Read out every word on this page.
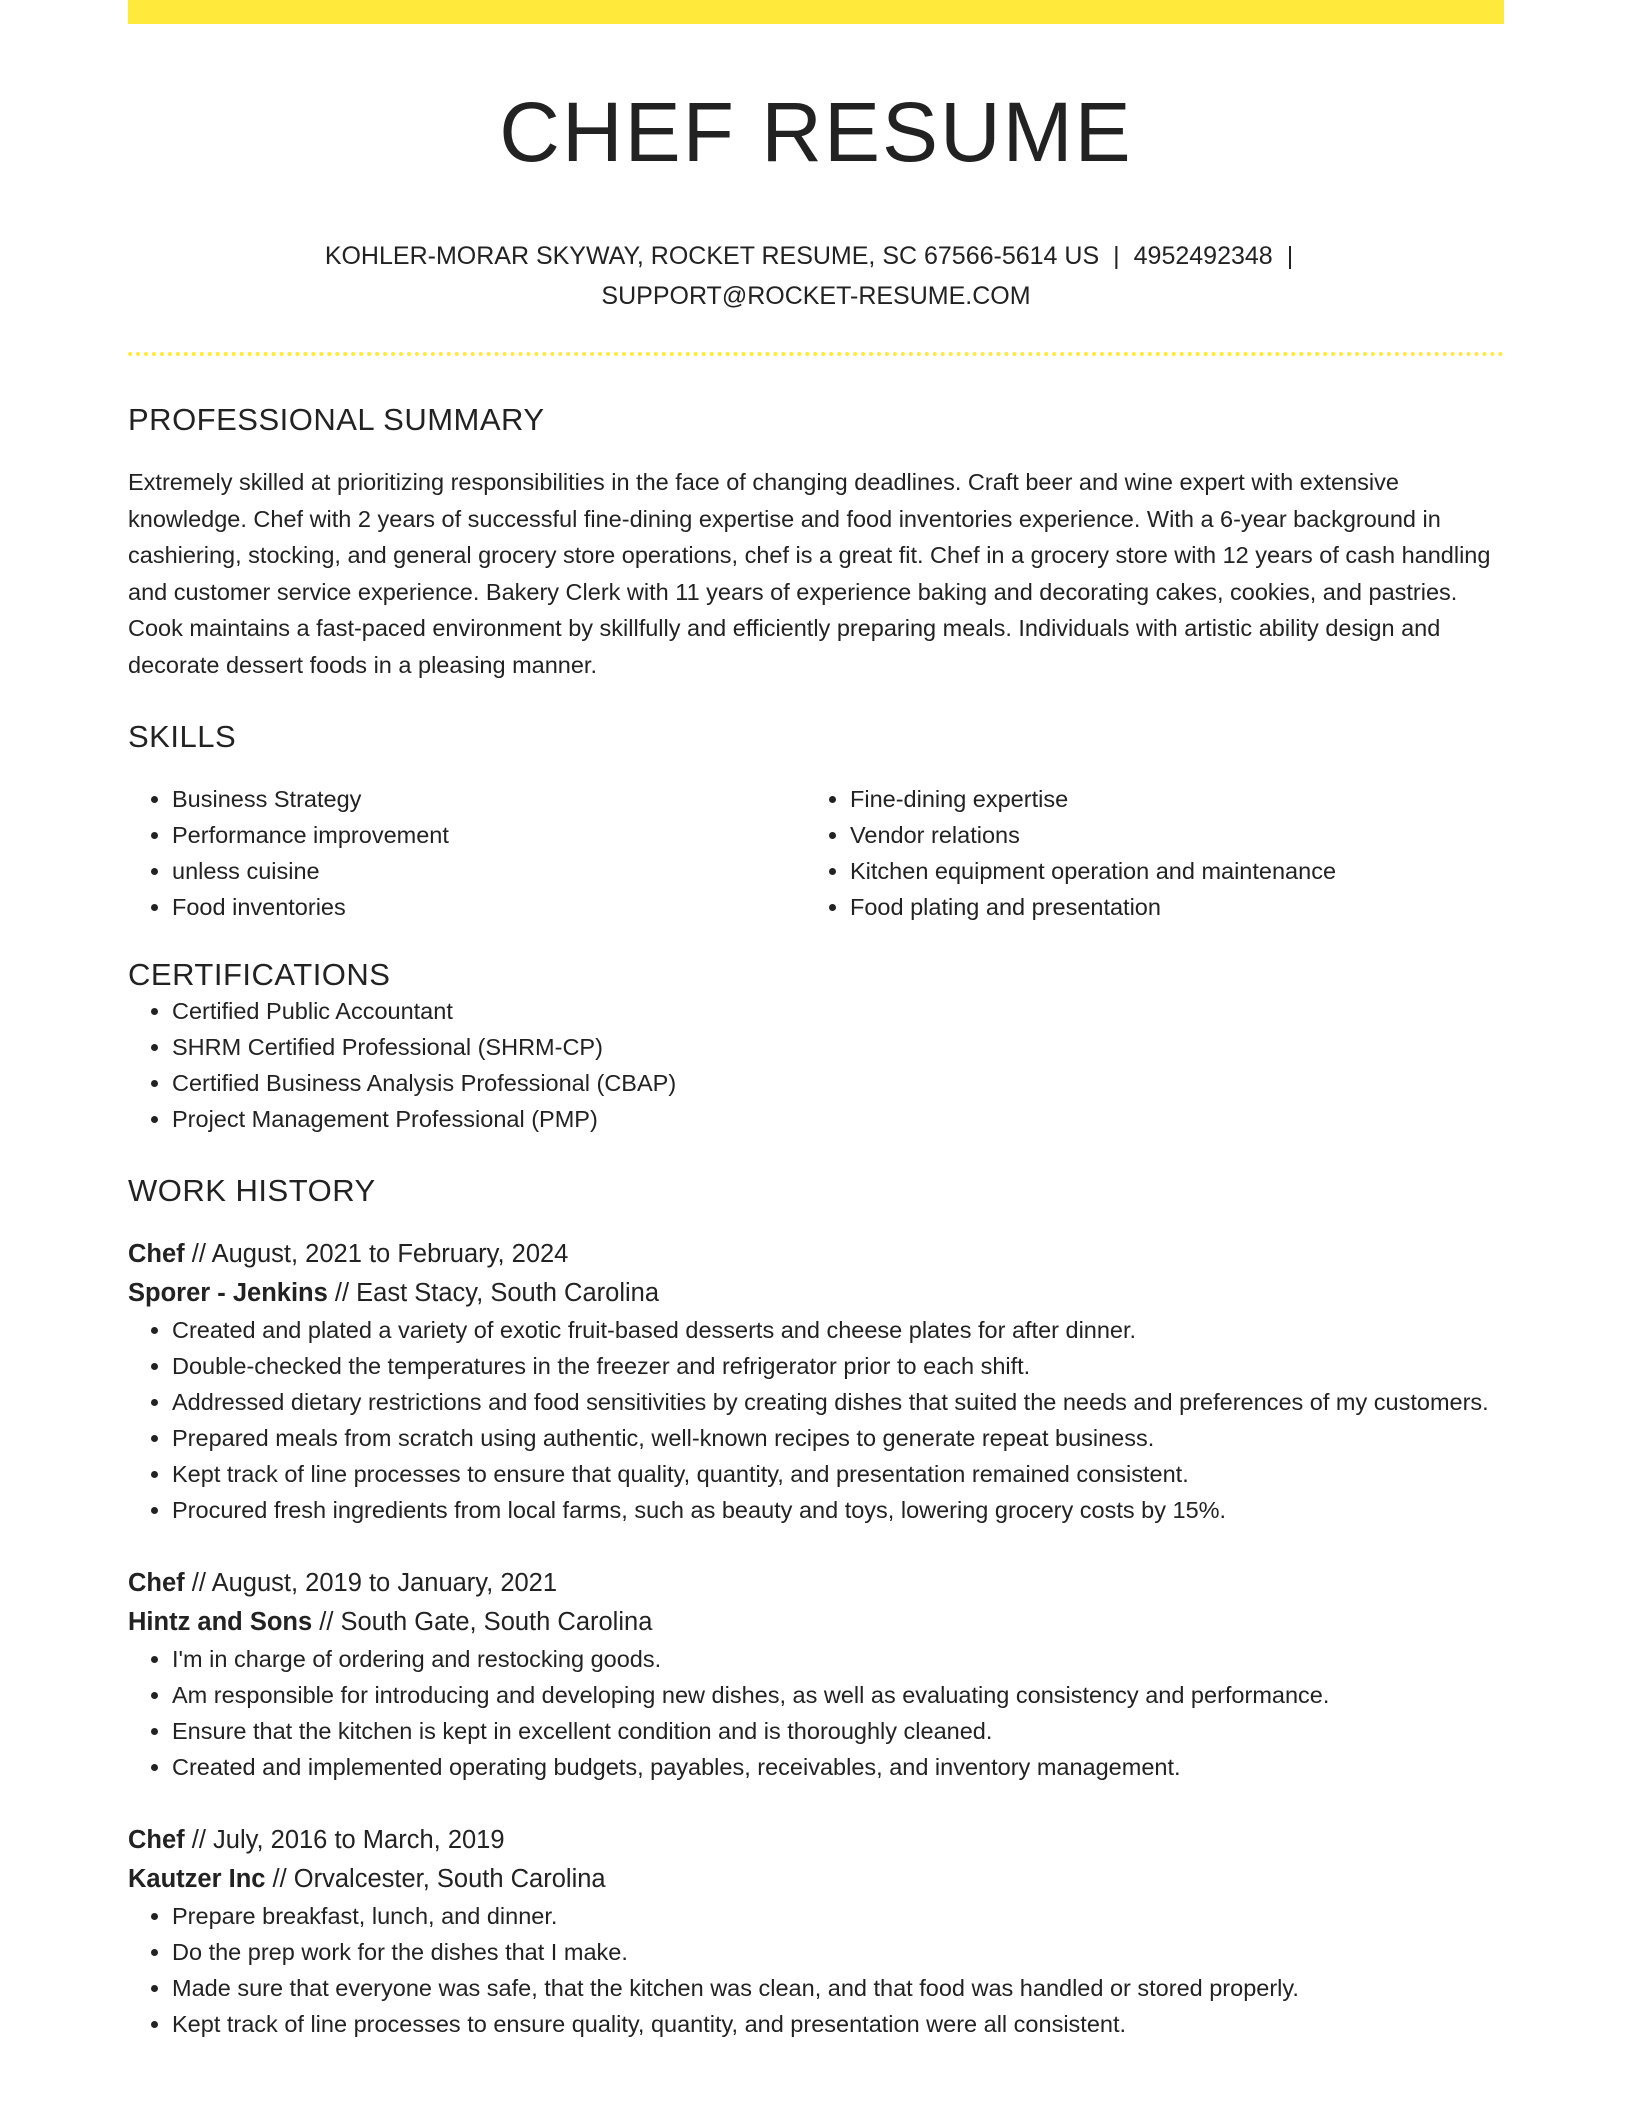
CHEF RESUME
KOHLER-MORAR SKYWAY, ROCKET RESUME, SC 67566-5614 US | 4952492348 |
SUPPORT@ROCKET-RESUME.COM
PROFESSIONAL SUMMARY

Extremely skilled at prioritizing responsibilities in the face of changing deadlines. Craft beer and wine expert with extensive knowledge. Chef with 2 years of successful fine-dining expertise and food inventories experience. With a 6-year background in cashiering, stocking, and general grocery store operations, chef is a great fit. Chef in a grocery store with 12 years of cash handling and customer service experience. Bakery Clerk with 11 years of experience baking and decorating cakes, cookies, and pastries. Cook maintains a fast-paced environment by skillfully and efficiently preparing meals. Individuals with artistic ability design and decorate dessert foods in a pleasing manner.

SKILLS
• Business Strategy
• Performance improvement
• unless cuisine
• Food inventories
• Fine-dining expertise
• Vendor relations
• Kitchen equipment operation and maintenance
• Food plating and presentation
CERTIFICATIONS
• Certified Public Accountant
• SHRM Certified Professional (SHRM-CP)
• Certified Business Analysis Professional (CBAP)
• Project Management Professional (PMP)
WORK HISTORY
Chef // August, 2021 to February, 2024
Sporer - Jenkins // East Stacy, South Carolina
• Created and plated a variety of exotic fruit-based desserts and cheese plates for after dinner.
• Double-checked the temperatures in the freezer and refrigerator prior to each shift.
• Addressed dietary restrictions and food sensitivities by creating dishes that suited the needs and preferences of my customers.
• Prepared meals from scratch using authentic, well-known recipes to generate repeat business.
• Kept track of line processes to ensure that quality, quantity, and presentation remained consistent.
• Procured fresh ingredients from local farms, such as beauty and toys, lowering grocery costs by 15%.
Chef // August, 2019 to January, 2021
Hintz and Sons // South Gate, South Carolina
• I'm in charge of ordering and restocking goods.
• Am responsible for introducing and developing new dishes, as well as evaluating consistency and performance.
• Ensure that the kitchen is kept in excellent condition and is thoroughly cleaned.
• Created and implemented operating budgets, payables, receivables, and inventory management.
Chef // July, 2016 to March, 2019
Kautzer Inc // Orvalcester, South Carolina
• Prepare breakfast, lunch, and dinner.
• Do the prep work for the dishes that I make.
• Made sure that everyone was safe, that the kitchen was clean, and that food was handled or stored properly.
• Kept track of line processes to ensure quality, quantity, and presentation were all consistent.
